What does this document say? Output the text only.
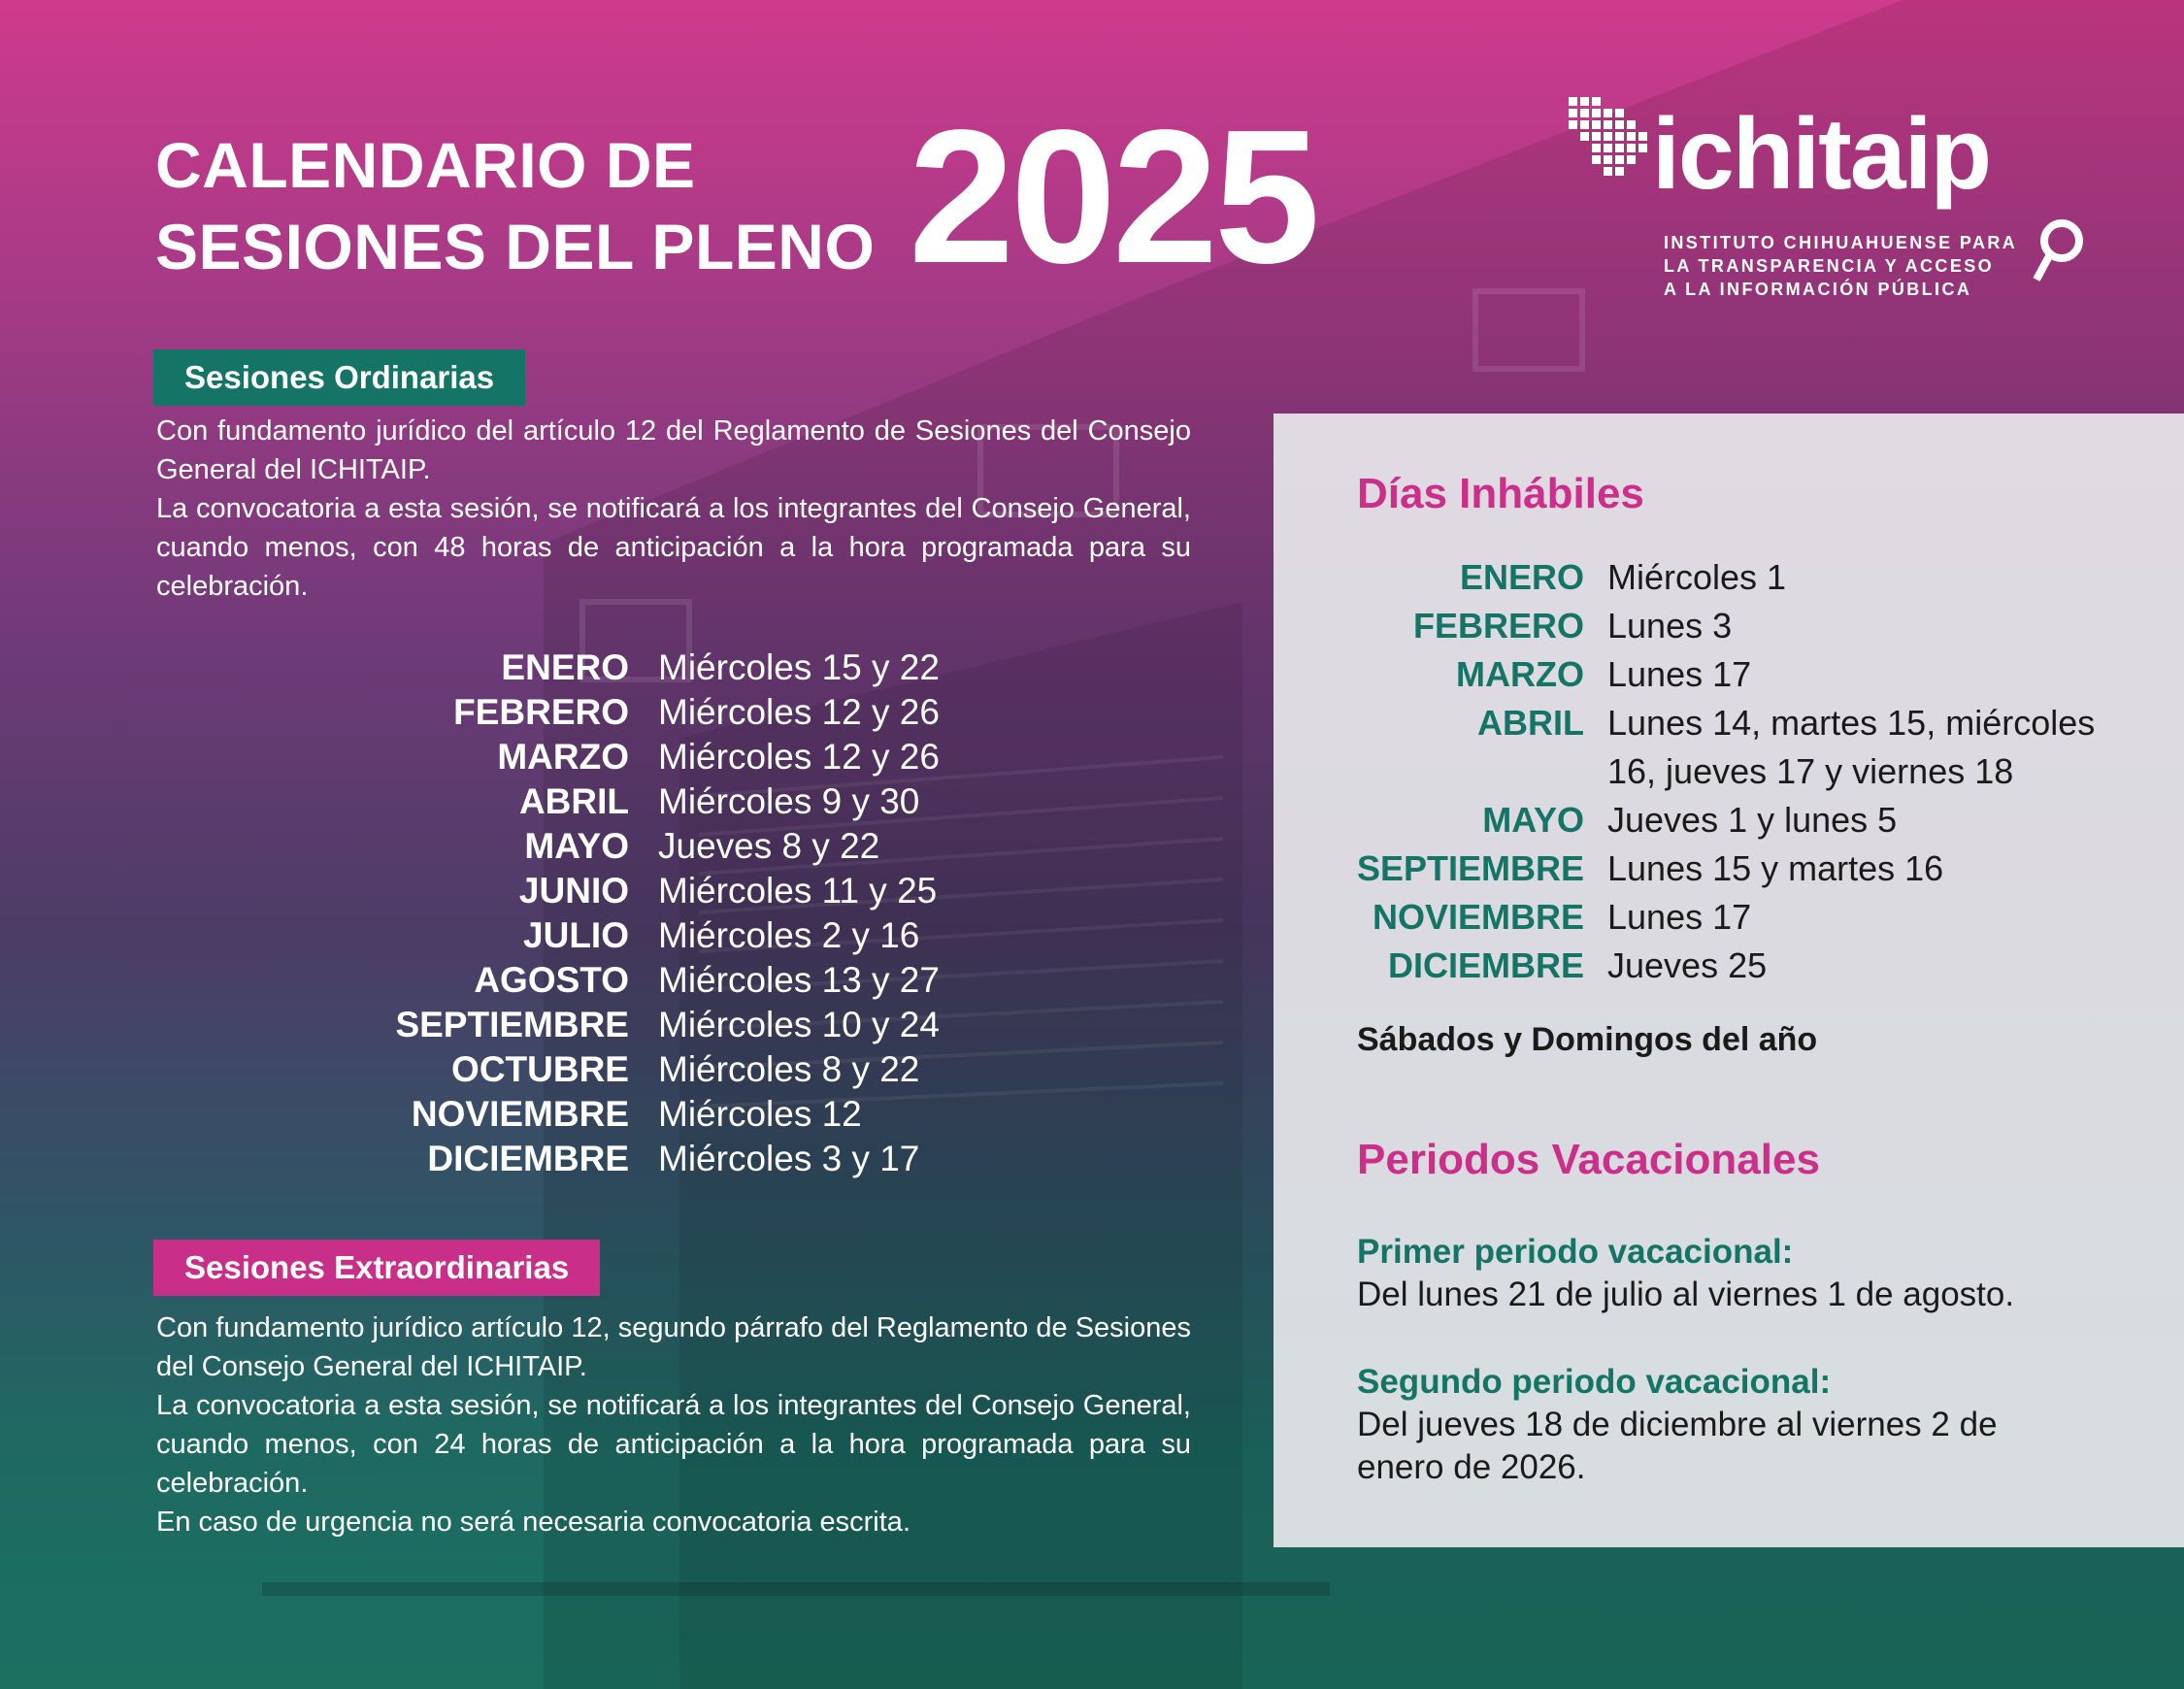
CALENDARIO DE
SESIONES DEL PLENO 2025	ichitaip
INSTITUTO CHIHUAHUENSE PARA
LA TRANSPARENCIA Y ACCESO
A LA INFORMACIÓN PÚBLICA
Sesiones Ordinarias

Con fundamento jurídico del artículo 12 del Reglamento de Sesiones del Consejo General del ICHITAIP.

La convocatoria a esta sesión, se notificará a los integrantes del Consejo General, cuando menos, con 48 horas de anticipación a la hora programada para su celebración.

ENERO Miércoles 15 y 22
FEBRERO Miércoles 12 y 26
MARZO Miércoles 12 y 26
ABRIL Miércoles 9 y 30
MAYO Jueves 8 y 22
JUNIO Miércoles 11 y 25
JULIO Miércoles 2 y 16
AGOSTO Miércoles 13 y 27
SEPTIEMBRE Miércoles 10 y 24
OCTUBRE Miércoles 8 y 22
NOVIEMBRE Miércoles 12
DICIEMBRE Miércoles 3 y 17
Sesiones Extraordinarias

Con fundamento jurídico artículo 12, segundo párrafo del Reglamento de Sesiones del Consejo General del ICHITAIP.

La convocatoria a esta sesión, se notificará a los integrantes del Consejo General, cuando menos, con 24 horas de anticipación a la hora programada para su celebración.

En caso de urgencia no será necesaria convocatoria escrita.

Días Inhábiles
ENERO Miércoles 1
FEBRERO Lunes 3
MARZO Lunes 17
ABRIL Lunes 14, martes 15, miércoles 16, jueves 17 y viernes 18
MAYO Jueves 1 y lunes 5
SEPTIEMBRE Lunes 15 y martes 16
NOVIEMBRE Lunes 17
DICIEMBRE Jueves 25
Sábados y Domingos del año
Periodos Vacacionales
Primer periodo vacacional:
Del lunes 21 de julio al viernes 1 de agosto.
Segundo periodo vacacional:
Del jueves 18 de diciembre al viernes 2 de enero de 2026.
